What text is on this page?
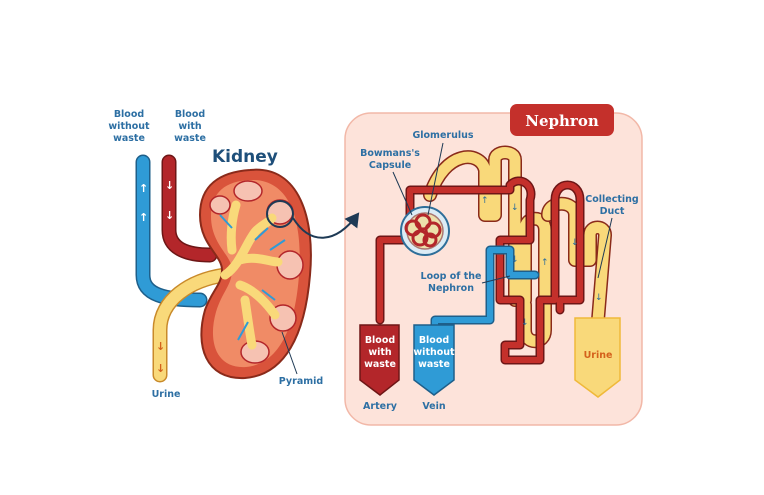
Nephron
Blood
with
waste
Blood
without
waste
Urine
↑
↓
↓ ↑
↓
↓
↓
Glomerulus
Bowmans's
Capsule
Loop of the
Nephron
Collecting
Duct
Artery	Vein
↑
↑
↓
↓
↓
↓
Kidney
Blood
without
waste
Blood
with
waste
Urine
Pyramid
